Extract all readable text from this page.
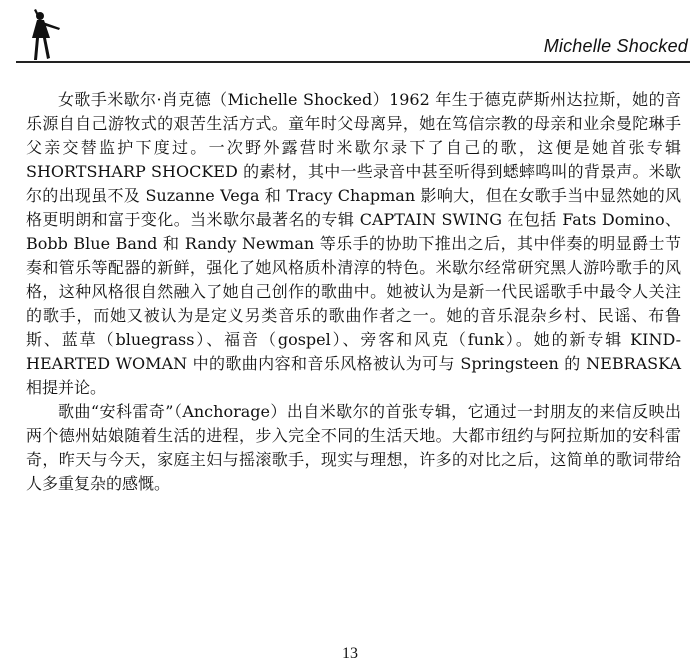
Michelle Shocked

女歌手米歇尔·肖克德（Michelle Shocked）1962 年生于德克萨斯州达拉斯，她的音乐源自自己游牧式的艰苦生活方式。童年时父母离异，她在笃信宗教的母亲和业余曼陀琳手父亲交替监护下度过。一次野外露营时米歇尔录下了自己的歌，这便是她首张专辑 SHORTSHARP SHOCKED 的素材，其中一些录音中甚至听得到蟋蟀鸣叫的背景声。米歇尔的出现虽不及 Suzanne Vega 和 Tracy Chapman 影响大，但在女歌手当中显然她的风格更明朗和富于变化。当米歇尔最著名的专辑 CAPTAIN SWING 在包括 Fats Domino、Bobb Blue Band 和 Randy Newman 等乐手的协助下推出之后，其中伴奏的明显爵士节奏和管乐等配器的新鲜，强化了她风格质朴清淳的特色。米歇尔经常研究黑人游吟歌手的风格，这种风格很自然融入了她自己创作的歌曲中。她被认为是新一代民谣歌手中最令人关注的歌手，而她又被认为是定义另类音乐的歌曲作者之一。她的音乐混杂乡村、民谣、布鲁斯、蓝草（bluegrass）、福音（gospel）、旁客和风克（funk）。她的新专辑 KIND-HEARTED WOMAN 中的歌曲内容和音乐风格被认为可与 Springsteen 的 NEBRASKA 相提并论。

歌曲“安科雷奇”（Anchorage）出自米歇尔的首张专辑，它通过一封朋友的来信反映出两个德州姑娘随着生活的进程，步入完全不同的生活天地。大都市纽约与阿拉斯加的安科雷奇，昨天与今天，家庭主妇与摇滚歌手，现实与理想，许多的对比之后，这简单的歌词带给人多重复杂的感慨。

13
